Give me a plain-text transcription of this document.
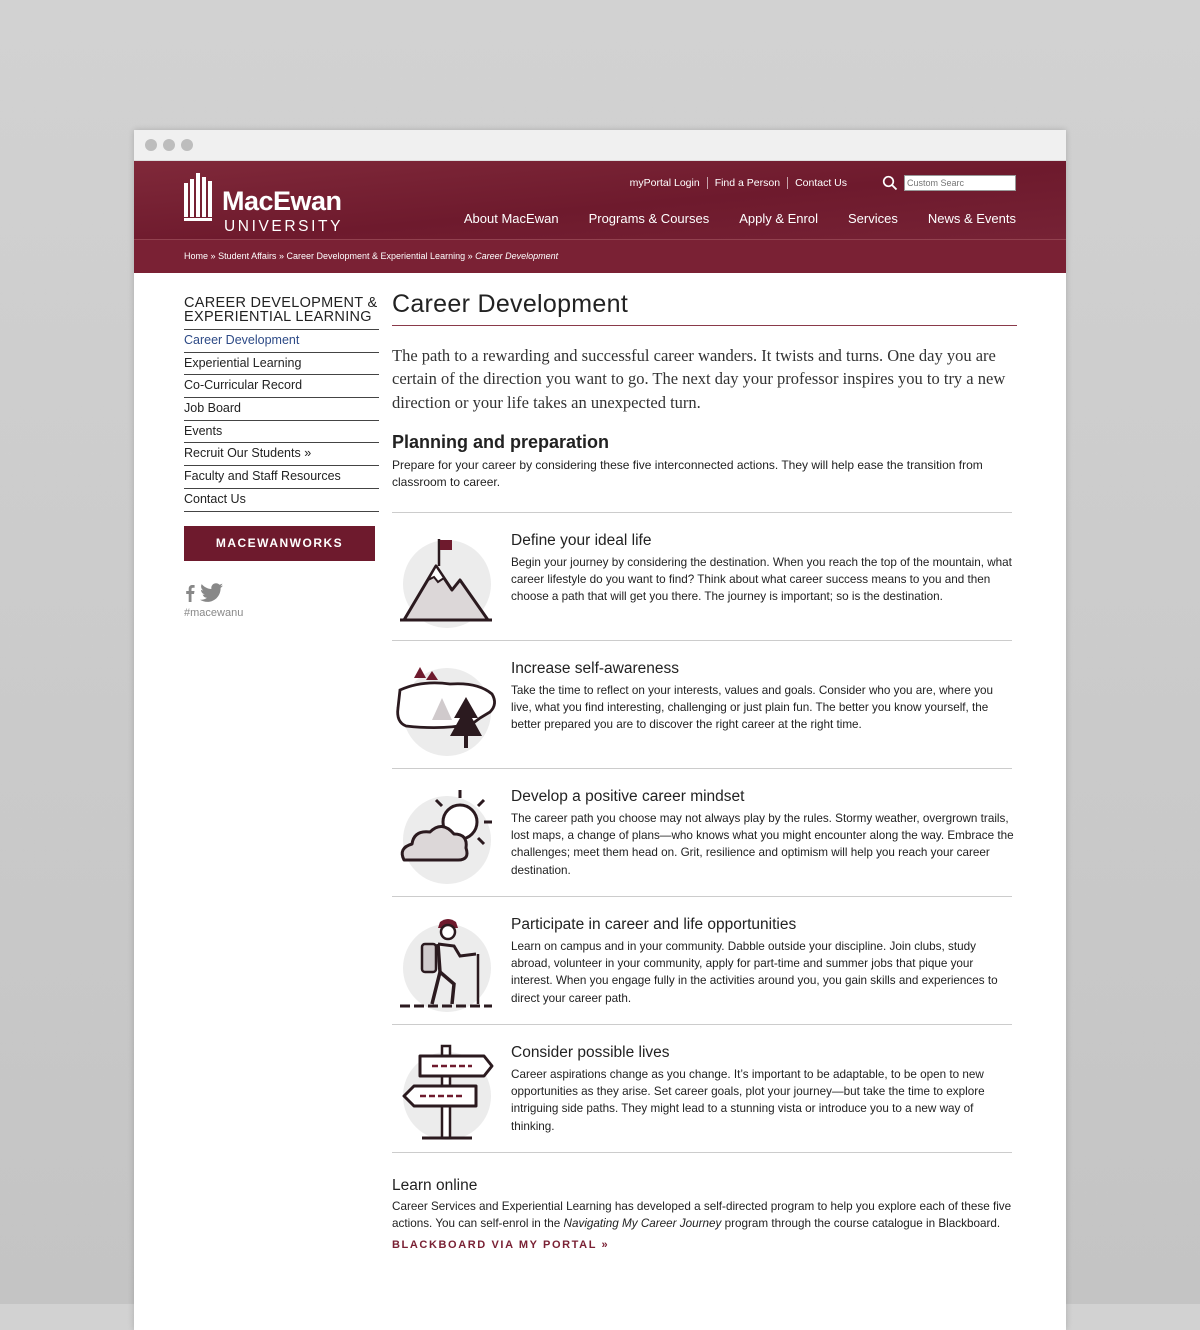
MacEwan
UNIVERSITY
myPortal Login	Find a Person	Contact Us
Custom Searc
About MacEwan Programs & Courses Apply & Enrol Services News & Events
Home » Student Affairs » Career Development & Experiential Learning » Career Development
CAREER DEVELOPMENT & EXPERIENTIAL LEARNING
Career Development
Experiential Learning
Co-Curricular Record
Job Board
Events
Recruit Our Students »
Faculty and Staff Resources
Contact Us
MACEWANWORKS
#macewanu
Career Development

The path to a rewarding and successful career wanders. It twists and turns. One day you are certain of the direction you want to go. The next day your professor inspires you to try a new direction or your life takes an unexpected turn.

Planning and preparation

Prepare for your career by considering these five interconnected actions. They will help ease the transition from classroom to career.

Define your ideal life
Begin your journey by considering the destination. When you reach the top of the mountain, what career lifestyle do you want to find? Think about what career success means to you and then choose a path that will get you there. The journey is important; so is the destination.
Increase self-awareness
Take the time to reflect on your interests, values and goals. Consider who you are, where you live, what you find interesting, challenging or just plain fun. The better you know yourself, the better prepared you are to discover the right career at the right time.
Develop a positive career mindset
The career path you choose may not always play by the rules. Stormy weather, overgrown trails, lost maps, a change of plans—who knows what you might encounter along the way. Embrace the challenges; meet them head on. Grit, resilience and optimism will help you reach your career destination.
Participate in career and life opportunities
Learn on campus and in your community. Dabble outside your discipline. Join clubs, study abroad, volunteer in your community, apply for part-time and summer jobs that pique your interest. When you engage fully in the activities around you, you gain skills and experiences to direct your career path.
Consider possible lives
Career aspirations change as you change. It’s important to be adaptable, to be open to new opportunities as they arise. Set career goals, plot your journey—but take the time to explore intriguing side paths. They might lead to a stunning vista or introduce you to a new way of thinking.
Learn online
Career Services and Experiential Learning has developed a self-directed program to help you explore each of these five actions. You can self-enrol in the Navigating My Career Journey program through the course catalogue in Blackboard.
BLACKBOARD VIA MY PORTAL »
